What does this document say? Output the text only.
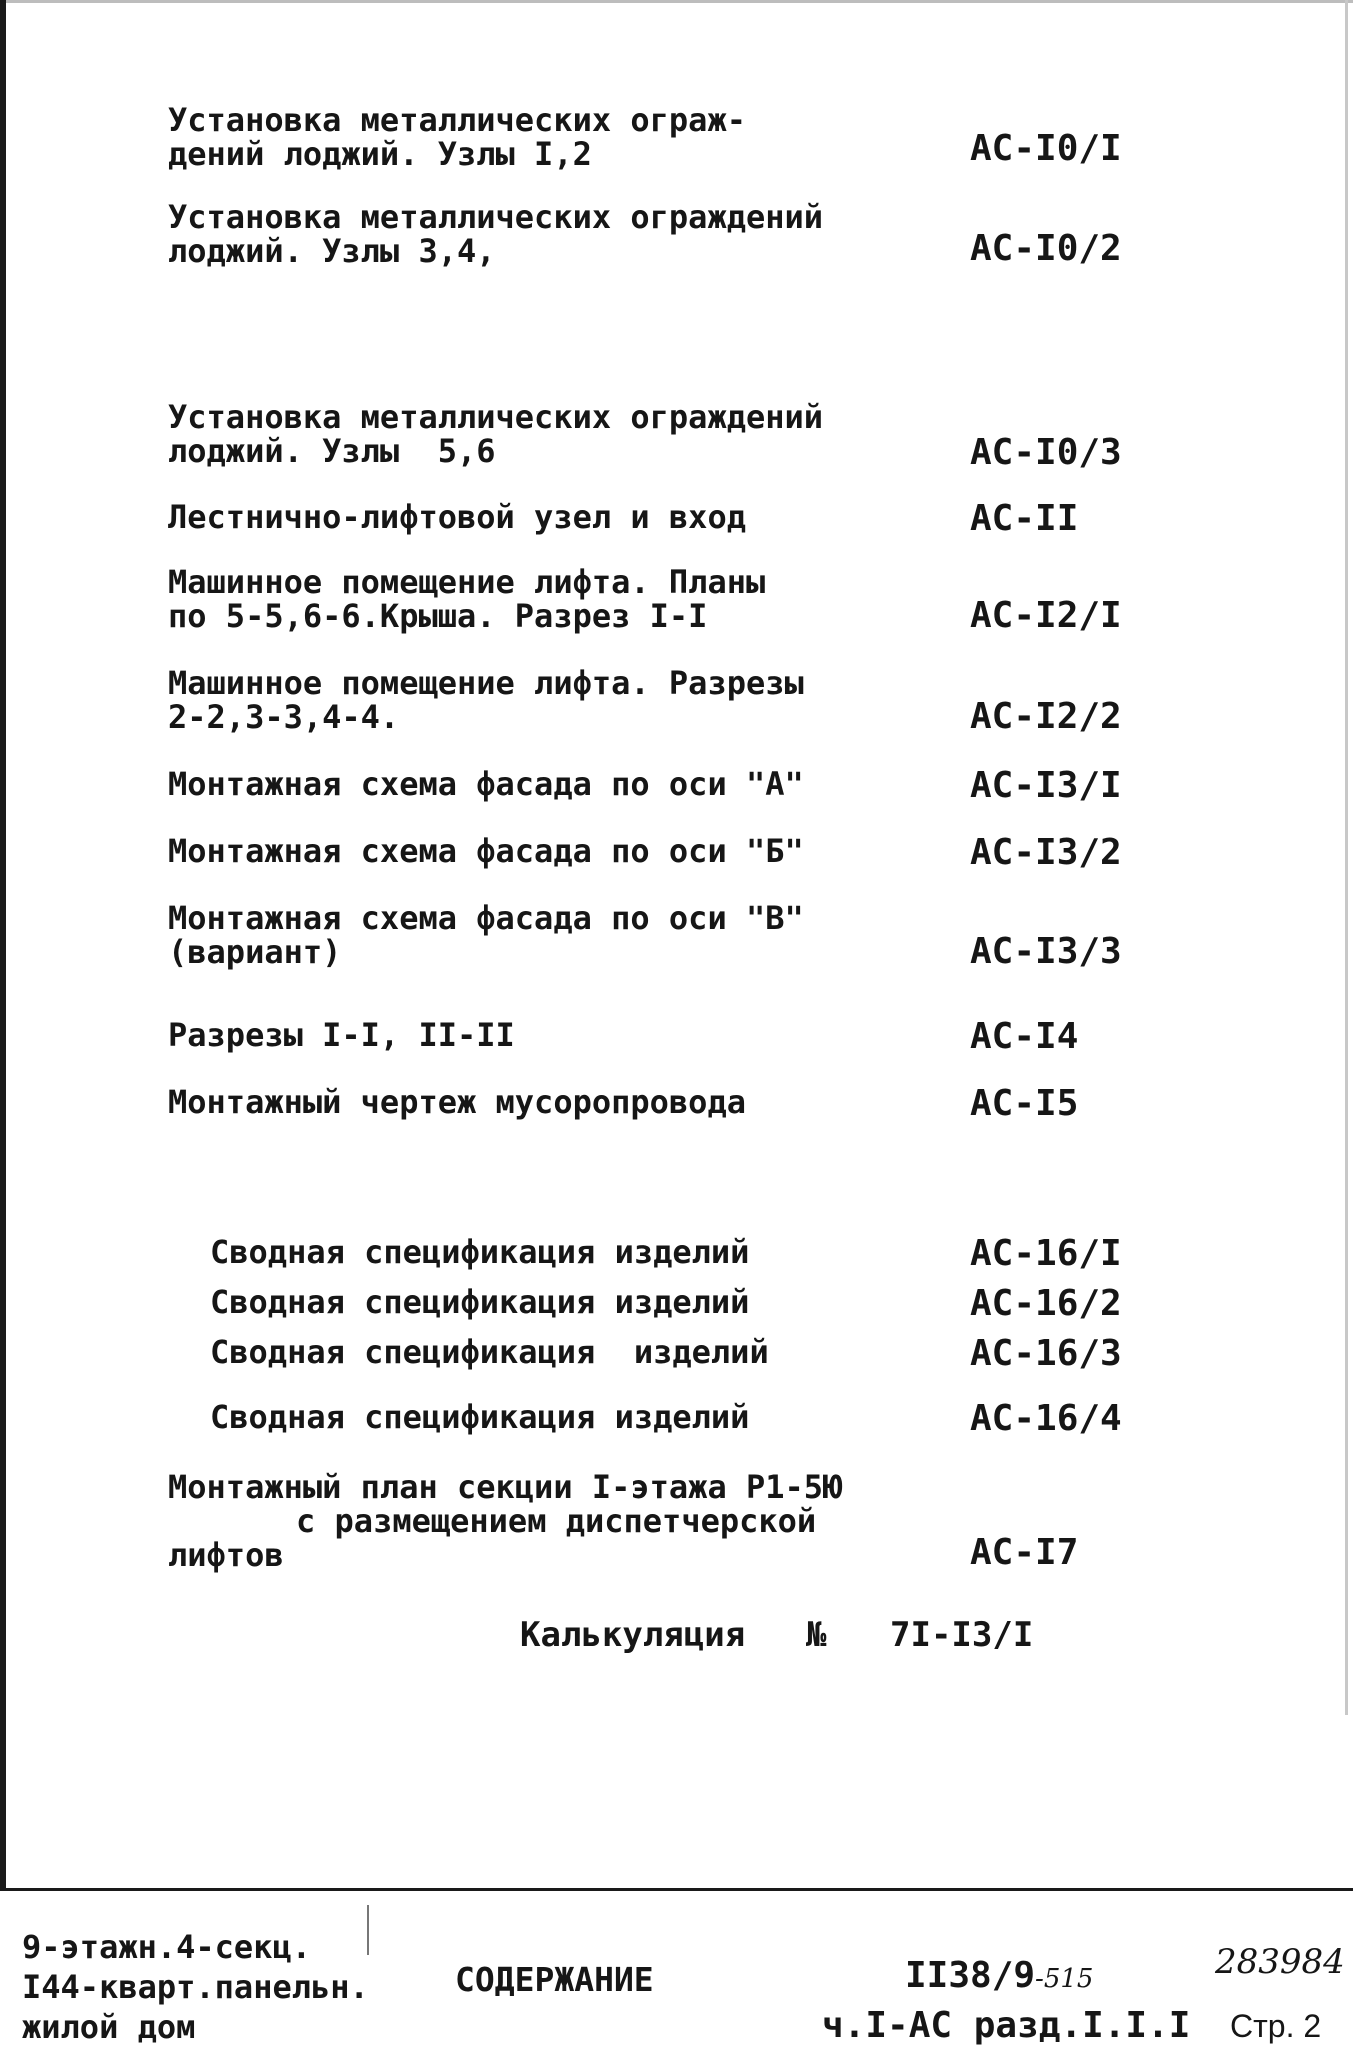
Установка металлических ограж-
дений лоджий. Узлы I,2	АС-I0/I
Установка металлических ограждений
лоджий. Узлы 3,4,	АС-I0/2
Установка металлических ограждений
лоджий. Узлы  5,6	АС-I0/3
Лестнично-лифтовой узел и вход	АС-II
Машинное помещение лифта. Планы
по 5-5,6-6.Крыша. Разрез I-I	АС-I2/I
Машинное помещение лифта. Разрезы
2-2,3-3,4-4.	АС-I2/2
Монтажная схема фасада по оси "А"	АС-I3/I
Монтажная схема фасада по оси "Б"	АС-I3/2
Монтажная схема фасада по оси "В"
(вариант)	АС-I3/3
Разрезы I-I, II-II	АС-I4
Монтажный чертеж мусоропровода	АС-I5
Сводная спецификация изделий	АС-16/I
Сводная спецификация изделий	АС-16/2
Сводная спецификация  изделий	АС-16/3
Сводная спецификация изделий	АС-16/4
Монтажный план секции I-этажа Р1-5Ю
с размещением диспетчерской
лифтов	АС-I7
Калькуляция № 7I-I3/I
9-этажн.4-секц.
I44-кварт.панельн.
жилой дом
СОДЕРЖАНИЕ	II38/9-515	283984
ч.I-АС разд.I.I.I Стр. 2
